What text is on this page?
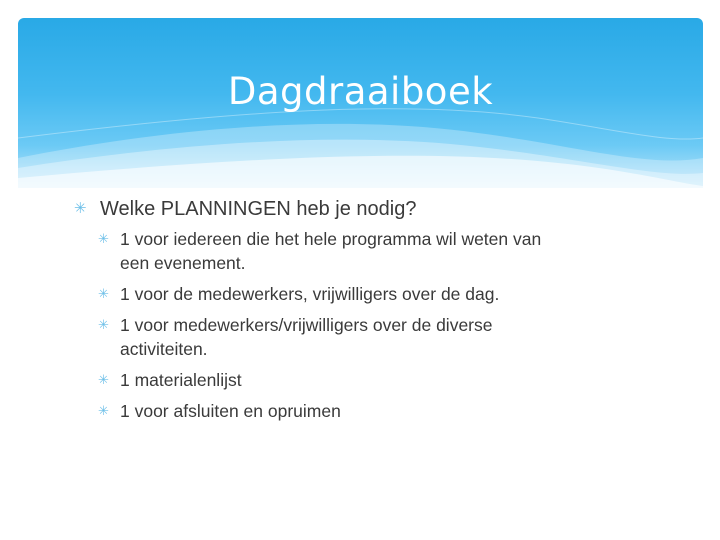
Dagdraaiboek
✳ Welke PLANNINGEN heb je nodig?
✳ 1 voor iedereen die het hele programma wil weten van een evenement.
✳ 1 voor de medewerkers, vrijwilligers over de dag.
✳ 1 voor medewerkers/vrijwilligers over de diverse activiteiten.
✳ 1 materialenlijst
✳ 1 voor afsluiten en opruimen
